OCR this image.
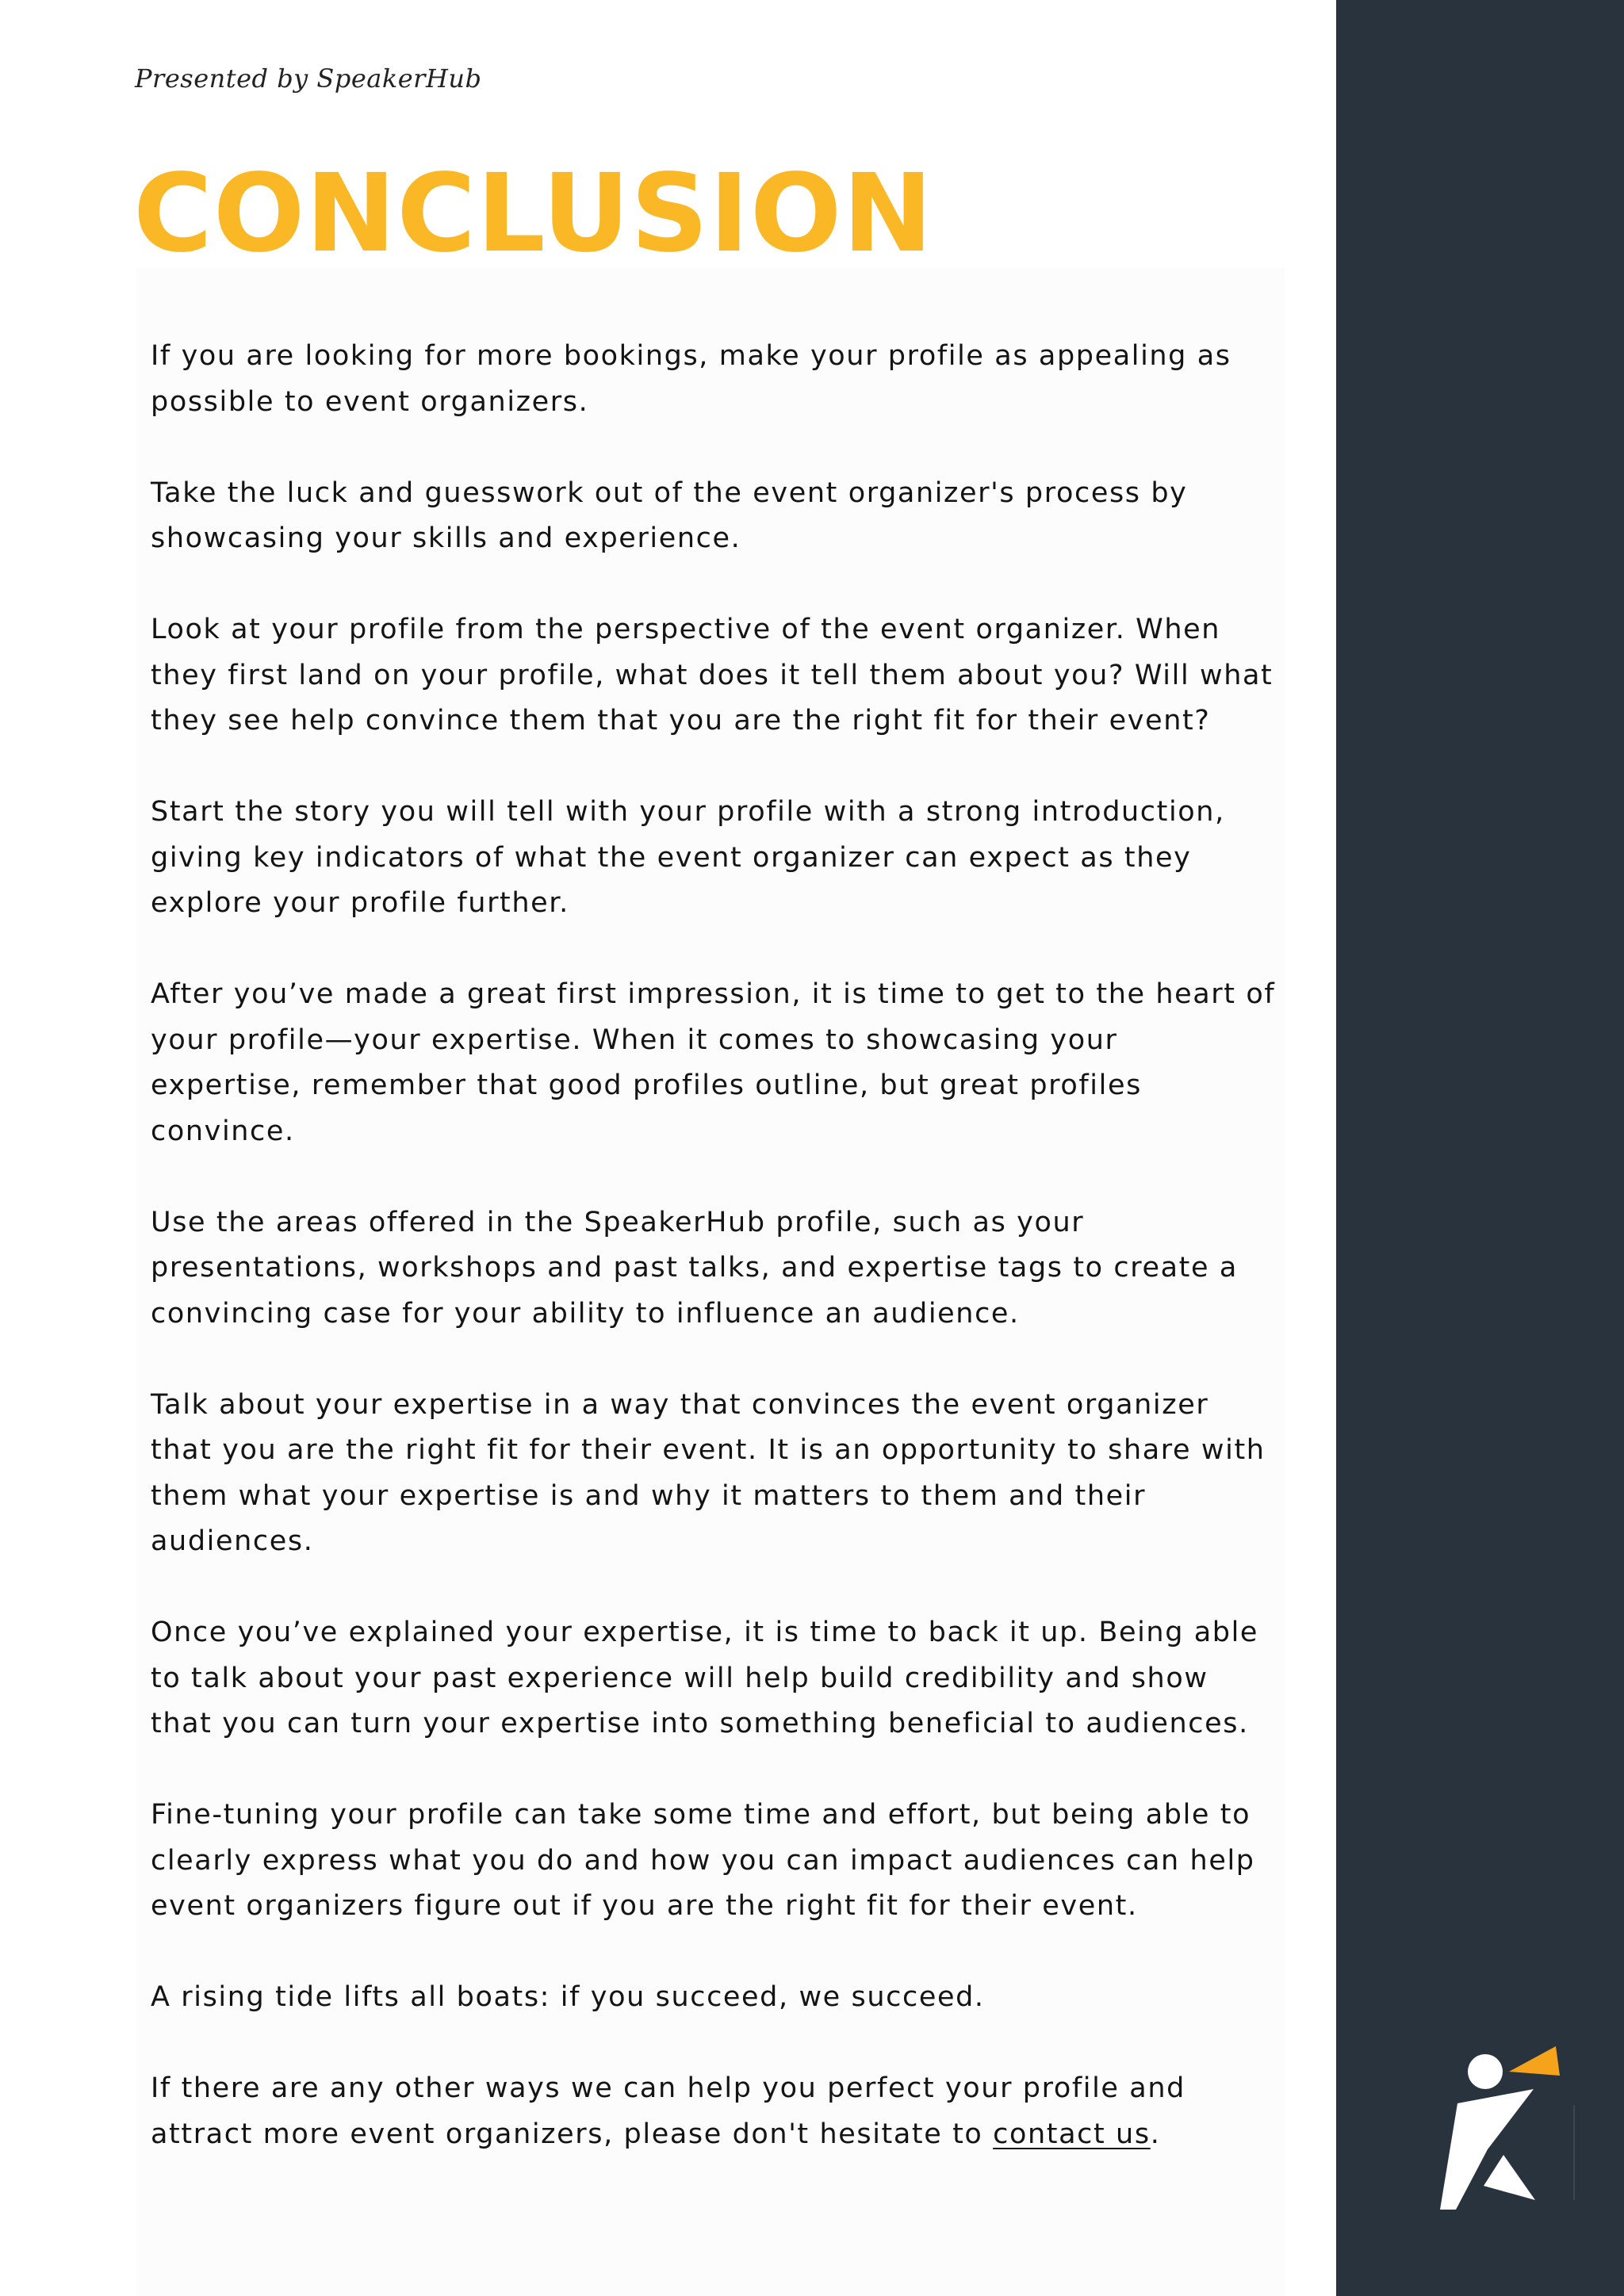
Presented by SpeakerHub

CONCLUSION

If you are looking for more bookings, make your profile as appealing as possible to event organizers.

Take the luck and guesswork out of the event organizer's process by showcasing your skills and experience.

Look at your profile from the perspective of the event organizer. When they first land on your profile, what does it tell them about you? Will what they see help convince them that you are the right fit for their event?

Start the story you will tell with your profile with a strong introduction, giving key indicators of what the event organizer can expect as they explore your profile further.

After you’ve made a great first impression, it is time to get to the heart of your profile—your expertise. When it comes to showcasing your expertise, remember that good profiles outline, but great profiles convince.

Use the areas offered in the SpeakerHub profile, such as your presentations, workshops and past talks, and expertise tags to create a convincing case for your ability to influence an audience.

Talk about your expertise in a way that convinces the event organizer that you are the right fit for their event. It is an opportunity to share with them what your expertise is and why it matters to them and their audiences.

Once you’ve explained your expertise, it is time to back it up. Being able to talk about your past experience will help build credibility and show that you can turn your expertise into something beneficial to audiences.

Fine-tuning your profile can take some time and effort, but being able to clearly express what you do and how you can impact audiences can help event organizers figure out if you are the right fit for their event.

A rising tide lifts all boats: if you succeed, we succeed.

If there are any other ways we can help you perfect your profile and attract more event organizers, please don't hesitate to contact us.
